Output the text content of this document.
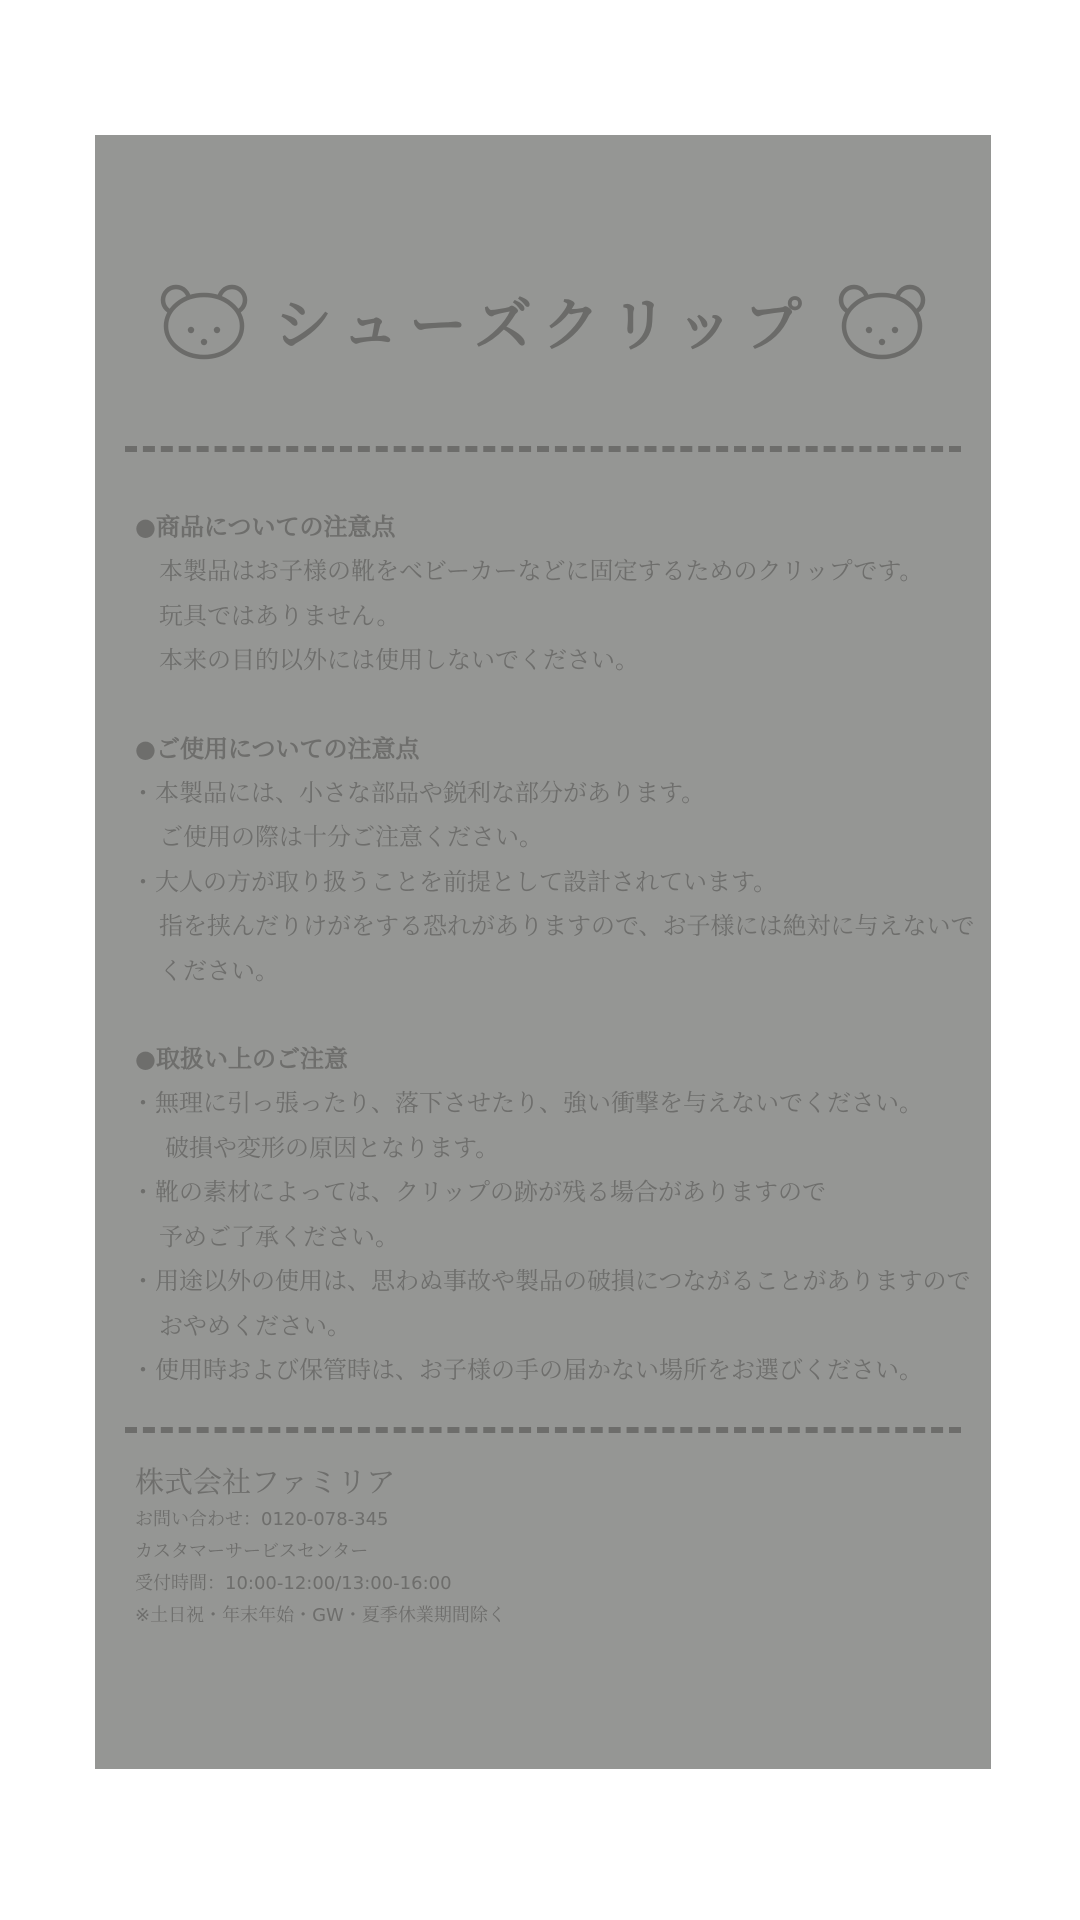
シューズクリップ
●商品についての注意点
本製品はお子様の靴をベビーカーなどに固定するためのクリップです。
玩具ではありません。
本来の目的以外には使用しないでください。
●ご使用についての注意点
・ 本製品には、小さな部品や鋭利な部分があります。
ご使用の際は十分ご注意ください。
・ 大人の方が取り扱うことを前提として設計されています。
指を挟んだりけがをする恐れがありますので、お子様には絶対に与えないで
ください。
●取扱い上のご注意
・ 無理に引っ張ったり、落下させたり、強い衝撃を与えないでください。
破損や変形の原因となります。
・ 靴の素材によっては、クリップの跡が残る場合がありますので
予めご了承ください。
・ 用途以外の使用は、思わぬ事故や製品の破損につながることがありますので
おやめください。
・ 使用時および保管時は、お子様の手の届かない場所をお選びください。
株式会社ファミリア
お問い合わせ：0120-078-345
カスタマーサービスセンター
受付時間：10:00-12:00/13:00-16:00
※土日祝・年末年始・GW・夏季休業期間除く
